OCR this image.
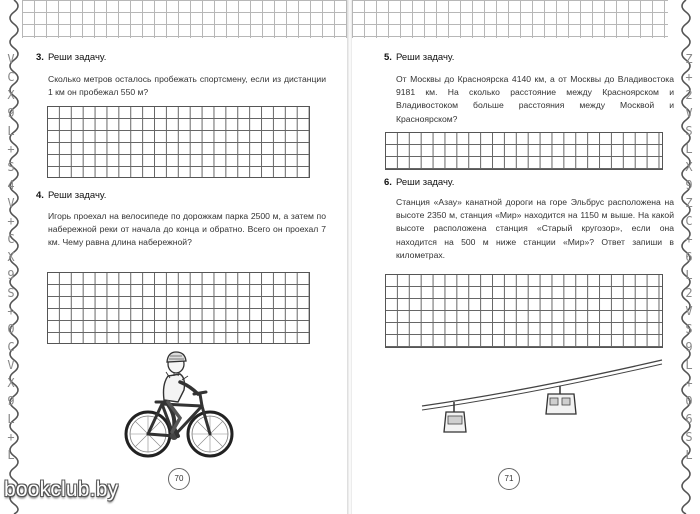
V
C
X
9
L
+
S
4
V
+
C
X
9
S
+
0
C
V
X
9
L
+
L
3. Реши задачу.
Сколько метров осталось пробежать спортсмену, если из дистанции 1 км он пробежал 550 м?
4. Реши задачу.
Игорь проехал на велосипеде по дорожкам парка 2500 м, а затем по набережной реки от начала до конца и обратно. Всего он проехал 7 км. Чему равна длина набережной?
70
Z
+
2
V
S
L
X
9
Z
C
+
6
L
2
V
S
9
L
+
0
6
S
L
5. Реши задачу.
От Москвы до Красноярска 4140 км, а от Москвы до Владивостока 9181 км. На сколько расстояние между Красноярском и Владивостоком больше расстояния между Москвой и Красноярском?
6. Реши задачу.
Станция «Азау» канатной дороги на горе Эльбрус расположена на высоте 2350 м, станция «Мир» находится на 1150 м выше. На какой высоте расположена станция «Старый кругозор», если она находится на 500 м ниже станции «Мир»? Ответ запиши в километрах.
71
bookclub.by
